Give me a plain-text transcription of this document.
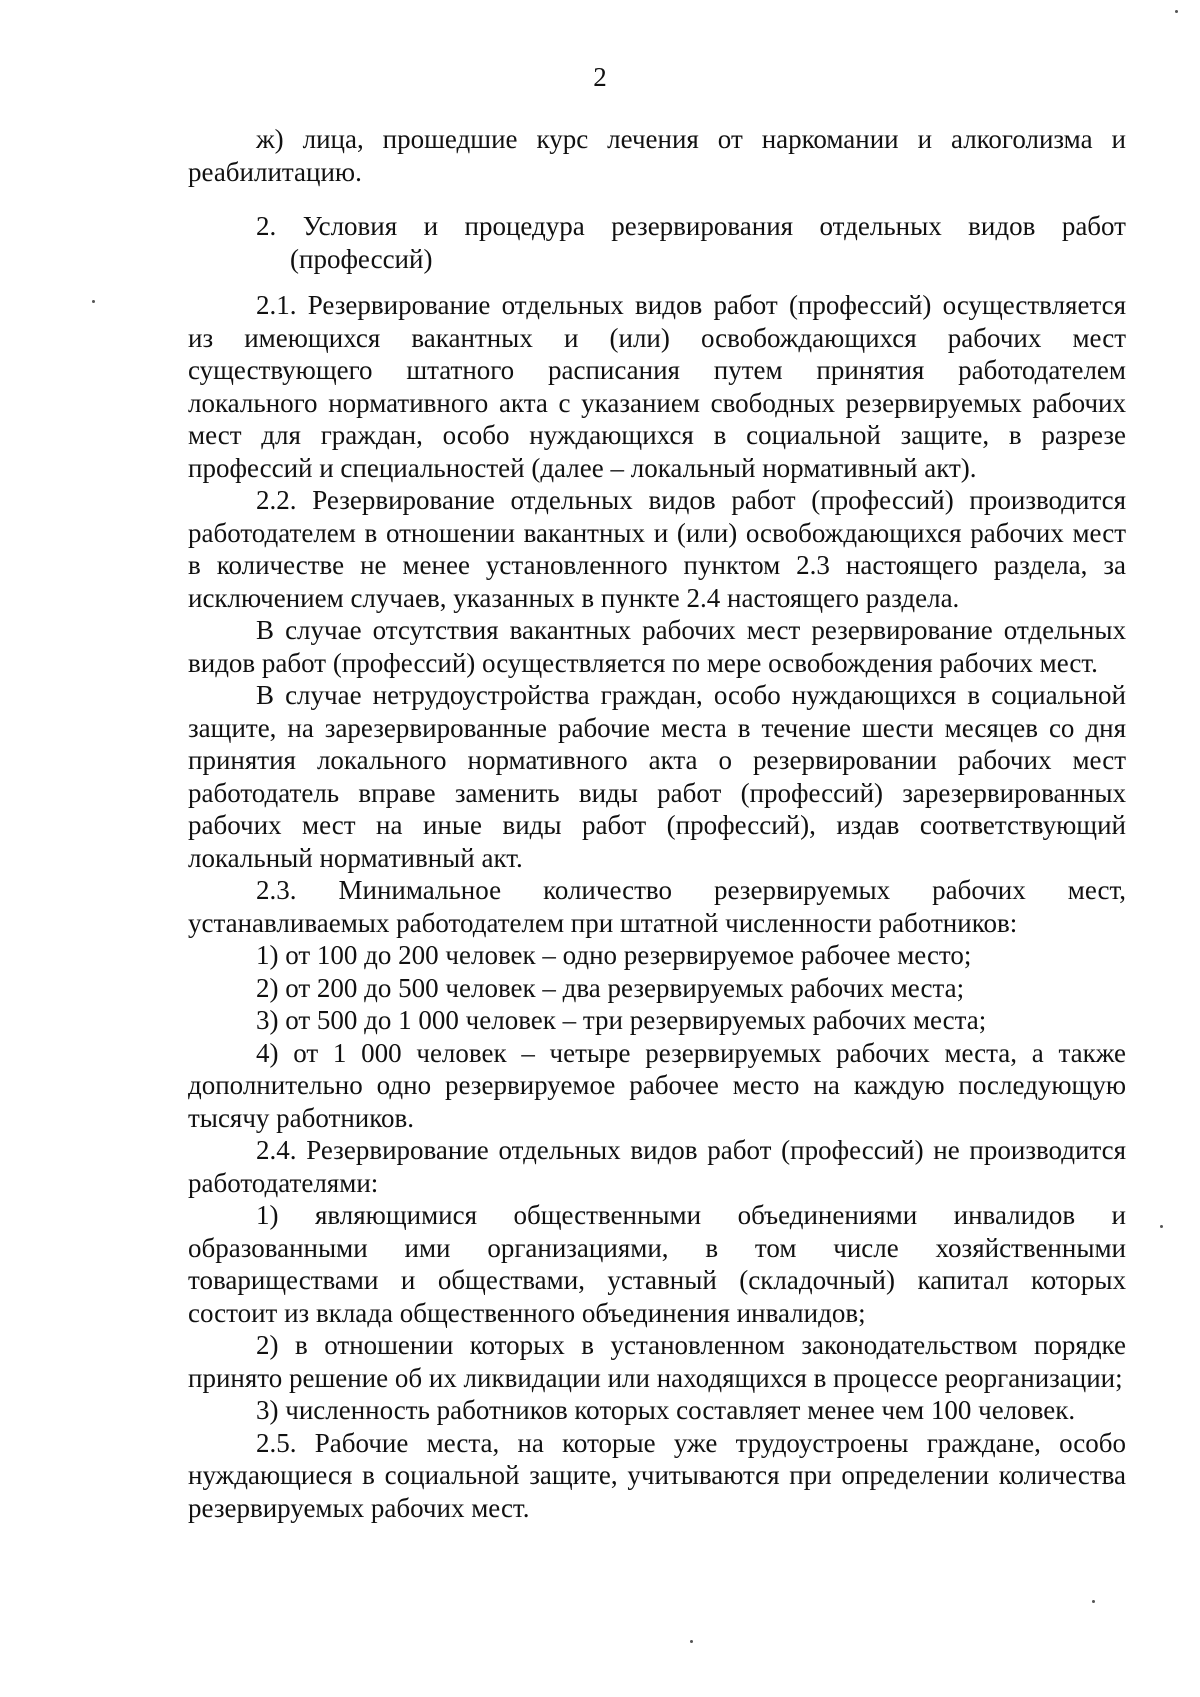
2

ж) лица, прошедшие курс лечения от наркомании и алкоголизма и реабилитацию.

2. Условия и процедура резервирования отдельных видов работ (профессий)

2.1. Резервирование отдельных видов работ (профессий) осуществляется из имеющихся вакантных и (или) освобождающихся рабочих мест существующего штатного расписания путем принятия работодателем локального нормативного акта с указанием свободных резервируемых рабочих мест для граждан, особо нуждающихся в социальной защите, в разрезе профессий и специальностей (далее – локальный нормативный акт).

2.2. Резервирование отдельных видов работ (профессий) производится работодателем в отношении вакантных и (или) освобождающихся рабочих мест в количестве не менее установленного пунктом 2.3 настоящего раздела, за исключением случаев, указанных в пункте 2.4 настоящего раздела.

В случае отсутствия вакантных рабочих мест резервирование отдельных видов работ (профессий) осуществляется по мере освобождения рабочих мест.

В случае нетрудоустройства граждан, особо нуждающихся в социальной защите, на зарезервированные рабочие места в течение шести месяцев со дня принятия локального нормативного акта о резервировании рабочих мест работодатель вправе заменить виды работ (профессий) зарезервированных рабочих мест на иные виды работ (профессий), издав соответствующий локальный нормативный акт.

2.3. Минимальное количество резервируемых рабочих мест, устанавливаемых работодателем при штатной численности работников:

1) от 100 до 200 человек – одно резервируемое рабочее место;

2) от 200 до 500 человек – два резервируемых рабочих места;

3) от 500 до 1 000 человек – три резервируемых рабочих места;

4) от 1 000 человек – четыре резервируемых рабочих места, а также дополнительно одно резервируемое рабочее место на каждую последующую тысячу работников.

2.4. Резервирование отдельных видов работ (профессий) не производится работодателями:

1) являющимися общественными объединениями инвалидов и образованными ими организациями, в том числе хозяйственными товариществами и обществами, уставный (складочный) капитал которых состоит из вклада общественного объединения инвалидов;

2) в отношении которых в установленном законодательством порядке принято решение об их ликвидации или находящихся в процессе реорганизации;

3) численность работников которых составляет менее чем 100 человек.

2.5. Рабочие места, на которые уже трудоустроены граждане, особо нуждающиеся в социальной защите, учитываются при определении количества резервируемых рабочих мест.
